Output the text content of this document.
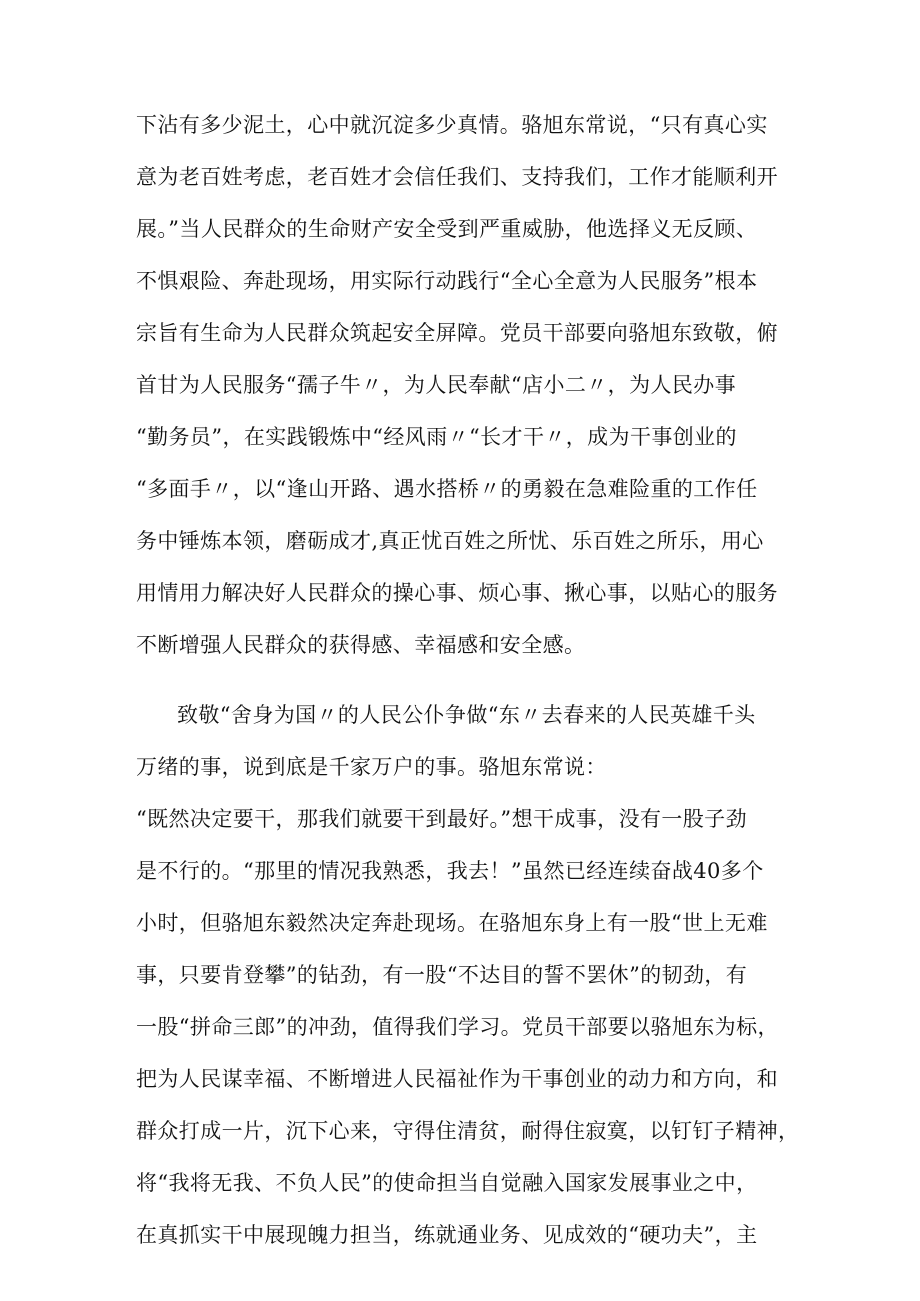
下沾有多少泥土，心中就沉淀多少真情。骆旭东常说，“只有真心实
意为老百姓考虑，老百姓才会信任我们、支持我们，工作才能顺利开
展。”当人民群众的生命财产安全受到严重威胁，他选择义无反顾、
不惧艰险、奔赴现场，用实际行动践行“全心全意为人民服务”根本
宗旨有生命为人民群众筑起安全屏障。党员干部要向骆旭东致敬，俯
首甘为人民服务“孺子牛〃，为人民奉献“店小二〃，为人民办事
“勤务员”，在实践锻炼中“经风雨〃“长才干〃，成为干事创业的
“多面手〃，以“逢山开路、遇水搭桥〃的勇毅在急难险重的工作任
务中锤炼本领，磨砺成才,真正忧百姓之所忧、乐百姓之所乐，用心
用情用力解决好人民群众的操心事、烦心事、揪心事，以贴心的服务
不断增强人民群众的获得感、幸福感和安全感。
致敬“舍身为国〃的人民公仆争做“东〃去春来的人民英雄千头
万绪的事，说到底是千家万户的事。骆旭东常说：
“既然决定要干，那我们就要干到最好。”想干成事，没有一股子劲
是不行的。“那里的情况我熟悉，我去！”虽然已经连续奋战40多个
小时，但骆旭东毅然决定奔赴现场。在骆旭东身上有一股“世上无难
事，只要肯登攀”的钻劲，有一股“不达目的誓不罢休”的韧劲，有
一股“拼命三郎”的冲劲，值得我们学习。党员干部要以骆旭东为标，
把为人民谋幸福、不断增进人民福祉作为干事创业的动力和方向，和
群众打成一片，沉下心来，守得住清贫，耐得住寂寞，以钉钉子精神，
将“我将无我、不负人民”的使命担当自觉融入国家发展事业之中，
在真抓实干中展现魄力担当，练就通业务、见成效的“硬功夫”，主
